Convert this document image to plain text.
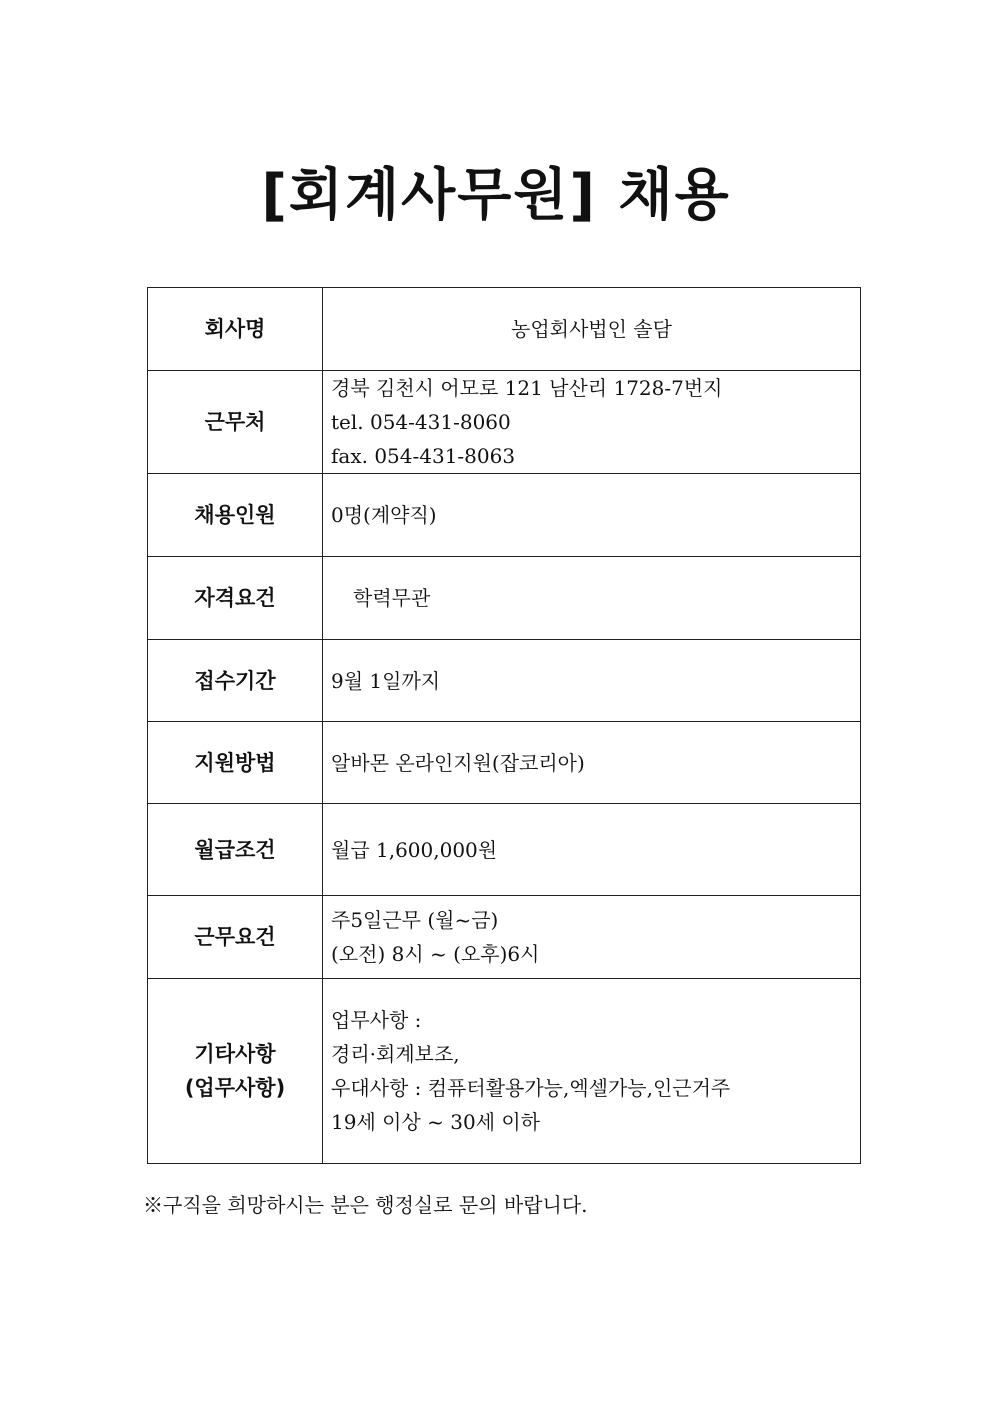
[회계사무원] 채용
회사명	농업회사법인 솔담

근무처	경북 김천시 어모로 121 남산리 1728-7번지
tel. 054-431-8060
fax. 054-431-8063

채용인원	0명(계약직)

자격요건	학력무관

접수기간	9월 1일까지

지원방법	알바몬 온라인지원(잡코리아)

월급조건	월급 1,600,000원

근무요건	주5일근무 (월~금)
(오전) 8시 ~ (오후)6시

기타사항
(업무사항)	업무사항 :
경리·회계보조,
우대사항 : 컴퓨터활용가능,엑셀가능,인근거주
19세 이상 ~ 30세 이하

※구직을 희망하시는 분은 행정실로 문의 바랍니다.
